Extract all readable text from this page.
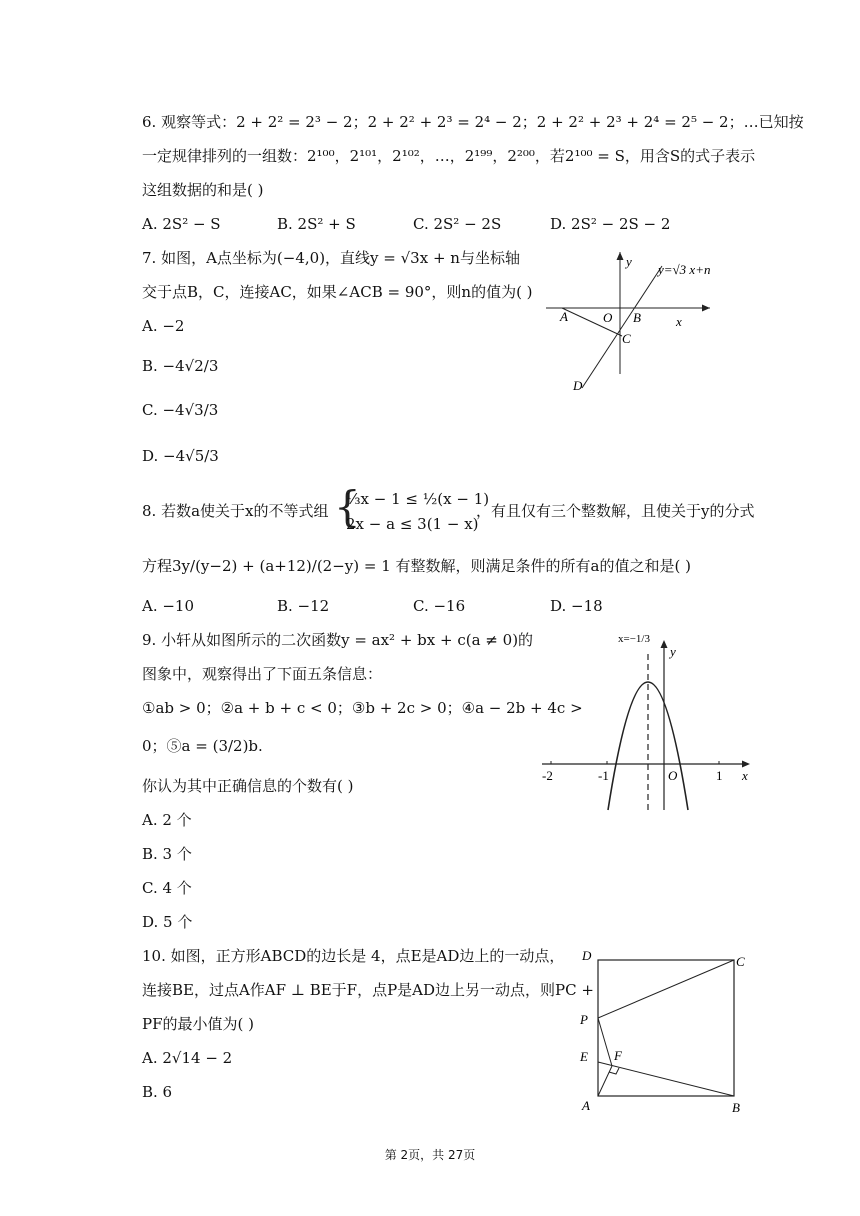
6. 观察等式：2 + 2² = 2³ − 2；2 + 2² + 2³ = 2⁴ − 2；2 + 2² + 2³ + 2⁴ = 2⁵ − 2；…已知按
一定规律排列的一组数：2¹⁰⁰，2¹⁰¹，2¹⁰²，…，2¹⁹⁹，2²⁰⁰，若2¹⁰⁰ = S，用含S的式子表示
这组数据的和是( )
A. 2S² − S	B. 2S² + S	C. 2S² − 2S	D. 2S² − 2S − 2
7. 如图，A点坐标为(−4,0)，直线y = √3x + n与坐标轴
交于点B，C，连接AC，如果∠ACB = 90°，则n的值为( )
A. −2
B. −4√2/3
C. −4√3/3
D. −4√5/3
y
x
A	O B
C
D
y=√3 x+n
8. 若数a使关于x的不等式组 {
⅓x − 1 ≤ ½(x − 1)
2x − a ≤ 3(1 − x)
，有且仅有三个整数解，且使关于y的分式
方程3y/(y−2) + (a+12)/(2−y) = 1 有整数解，则满足条件的所有a的值之和是( )
A. −10	B. −12	C. −16	D. −18
9. 小轩从如图所示的二次函数y = ax² + bx + c(a ≠ 0)的
图象中，观察得出了下面五条信息：
①ab > 0；②a + b + c < 0；③b + 2c > 0；④a − 2b + 4c >
0；⑤a = (3/2)b.
你认为其中正确信息的个数有( )
A. 2 个
B. 3 个
C. 4 个
D. 5 个
-2	-1	1
O	x
y
x=−1/3
10. 如图，正方形ABCD的边长是 4，点E是AD边上的一动点，
连接BE，过点A作AF ⊥ BE于F，点P是AD边上另一动点，则PC +
PF的最小值为( )
A. 2√14 − 2
B. 6
D	C
P
E F
A	B
第 2页，共 27页
